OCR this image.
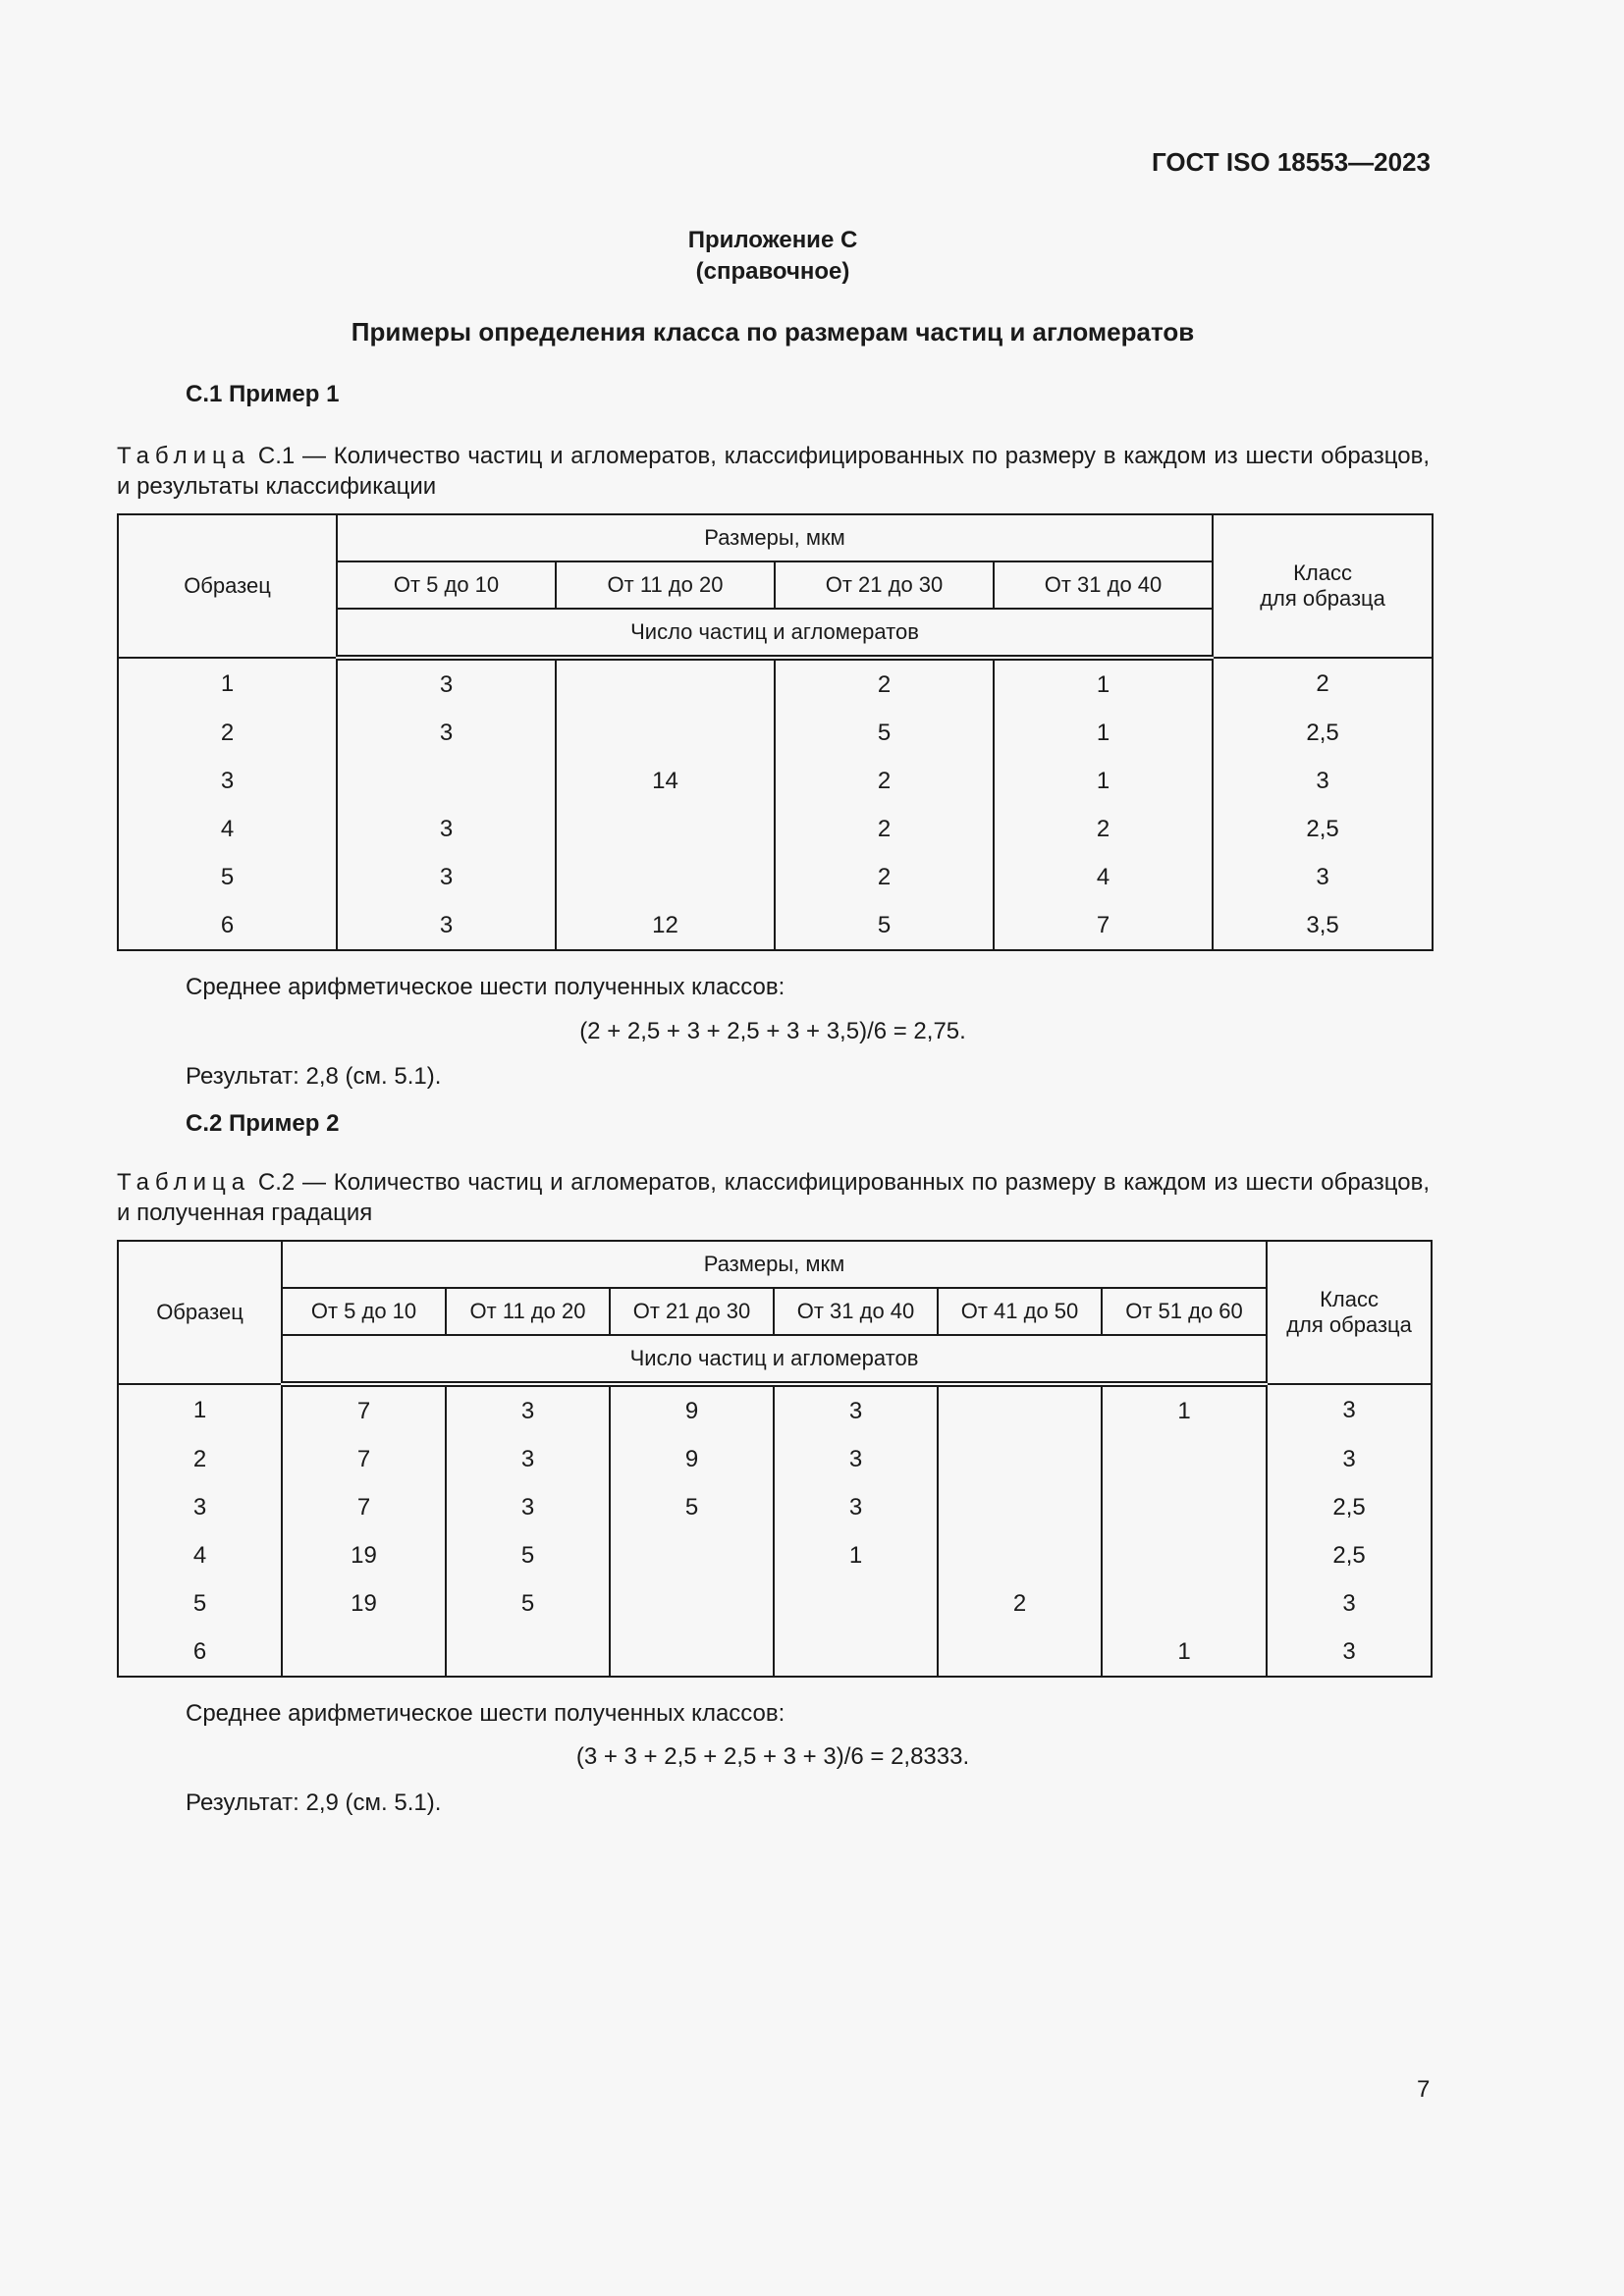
ГОСТ ISO 18553—2023
Приложение С
(справочное)
Примеры определения класса по размерам частиц и агломератов
С.1 Пример 1
Таблица С.1 — Количество частиц и агломератов, классифицированных по размеру в каждом из шести образцов, и результаты классификации
Образец	Размеры, мкм				Класс
для образца
	От 5 до 10	От 11 до 20	От 21 до 30	От 31 до 40	
	Число частиц и агломератов				
1	3		2	1	2
2	3		5	1	2,5
3		14	2	1	3
4	3		2	2	2,5
5	3		2	4	3
6	3	12	5	7	3,5
Среднее арифметическое шести полученных классов:
(2 + 2,5 + 3 + 2,5 + 3 + 3,5)/6 = 2,75.
Результат: 2,8 (см. 5.1).
С.2 Пример 2
Таблица С.2 — Количество частиц и агломератов, классифицированных по размеру в каждом из шести образцов, и полученная градация
Образец	Размеры, мкм						Класс
для образца
	От 5 до 10	От 11 до 20	От 21 до 30	От 31 до 40	От 41 до 50	От 51 до 60	
	Число частиц и агломератов						
1	7	3	9	3		1	3
2	7	3	9	3			3
3	7	3	5	3			2,5
4	19	5		1			2,5
5	19	5			2		3
6						1	3
Среднее арифметическое шести полученных классов:
(3 + 3 + 2,5 + 2,5 + 3 + 3)/6 = 2,8333.
Результат: 2,9 (см. 5.1).
7
